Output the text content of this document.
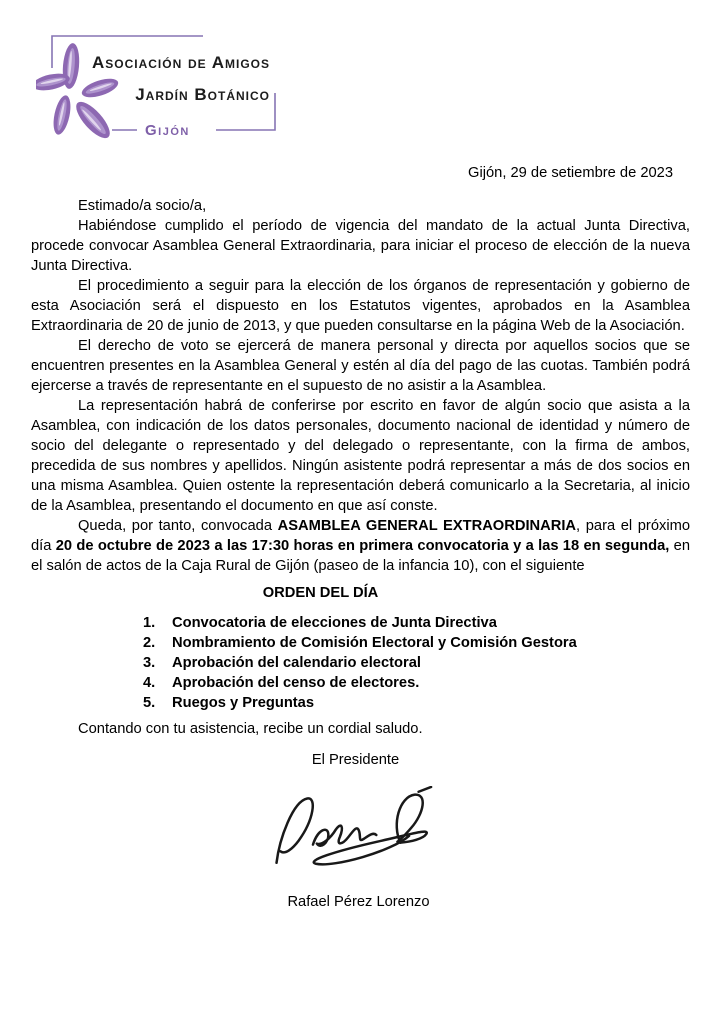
Asociación de Amigos
Jardín Botánico
Gijón
Gijón, 29 de setiembre de 2023
Estimado/a socio/a,

Habiéndose cumplido el período de vigencia del mandato de la actual Junta Directiva, procede convocar Asamblea General Extraordinaria, para iniciar el proceso de elección de la nueva Junta Directiva.

El procedimiento a seguir para la elección de los órganos de representación y gobierno de esta Asociación será el dispuesto en los Estatutos vigentes, aprobados en la Asamblea Extraordinaria de 20 de junio de 2013, y que pueden consultarse en la página Web de la Asociación.

El derecho de voto se ejercerá de manera personal y directa por aquellos socios que se encuentren presentes en la Asamblea General y estén al día del pago de las cuotas. También podrá ejercerse a través de representante en el supuesto de no asistir a la Asamblea.

La representación habrá de conferirse por escrito en favor de algún socio que asista a la Asamblea, con indicación de los datos personales, documento nacional de identidad y número de socio del delegante o representado y del delegado o representante, con la firma de ambos, precedida de sus nombres y apellidos. Ningún asistente podrá representar a más de dos socios en una misma Asamblea. Quien ostente la representación deberá comunicarlo a la Secretaria, al inicio de la Asamblea, presentando el documento en que así conste.

Queda, por tanto, convocada ASAMBLEA GENERAL EXTRAORDINARIA, para el próximo día 20 de octubre de 2023 a las 17:30 horas en primera convocatoria y a las 18 en segunda, en el salón de actos de la Caja Rural de Gijón (paseo de la infancia 10), con el siguiente

ORDEN DEL DÍA
1.	Convocatoria de elecciones de Junta Directiva
2.	Nombramiento de Comisión Electoral y Comisión Gestora
3.	Aprobación del calendario electoral
4.	Aprobación del censo de electores.
5.	Ruegos y Preguntas
Contando con tu asistencia, recibe un cordial saludo.
El Presidente
Rafael Pérez Lorenzo
